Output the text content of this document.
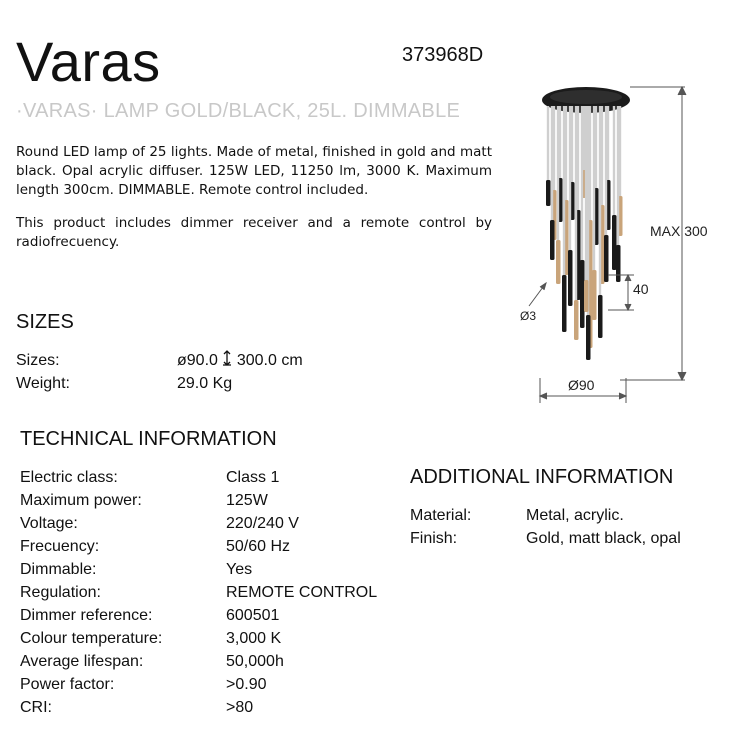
Varas	373968D
·VARAS· LAMP GOLD/BLACK, 25L. DIMMABLE
Round LED lamp of 25 lights. Made of metal, finished in gold and matt black. Opal acrylic diffuser. 125W LED, 11250 lm, 3000 K. Maximum length 300cm. DIMMABLE. Remote control included.
This product includes dimmer receiver and a remote control by radiofrecuency.
SIZES
Sizes:	ø90.0 300.0 cm
Weight:	29.0 Kg
TECHNICAL INFORMATION
Electric class:	Class 1
Maximum power:	125W
Voltage:	220/240 V
Frecuency:	50/60 Hz
Dimmable:	Yes
Regulation:	REMOTE CONTROL
Dimmer reference:	600501
Colour temperature:	3,000 K
Average lifespan:	50,000h
Power factor:	>0.90
CRI:	>80
ADDITIONAL INFORMATION
Material:	Metal, acrylic.
Finish:	Gold, matt black, opal
MAX 300
40
Ø3
Ø90
